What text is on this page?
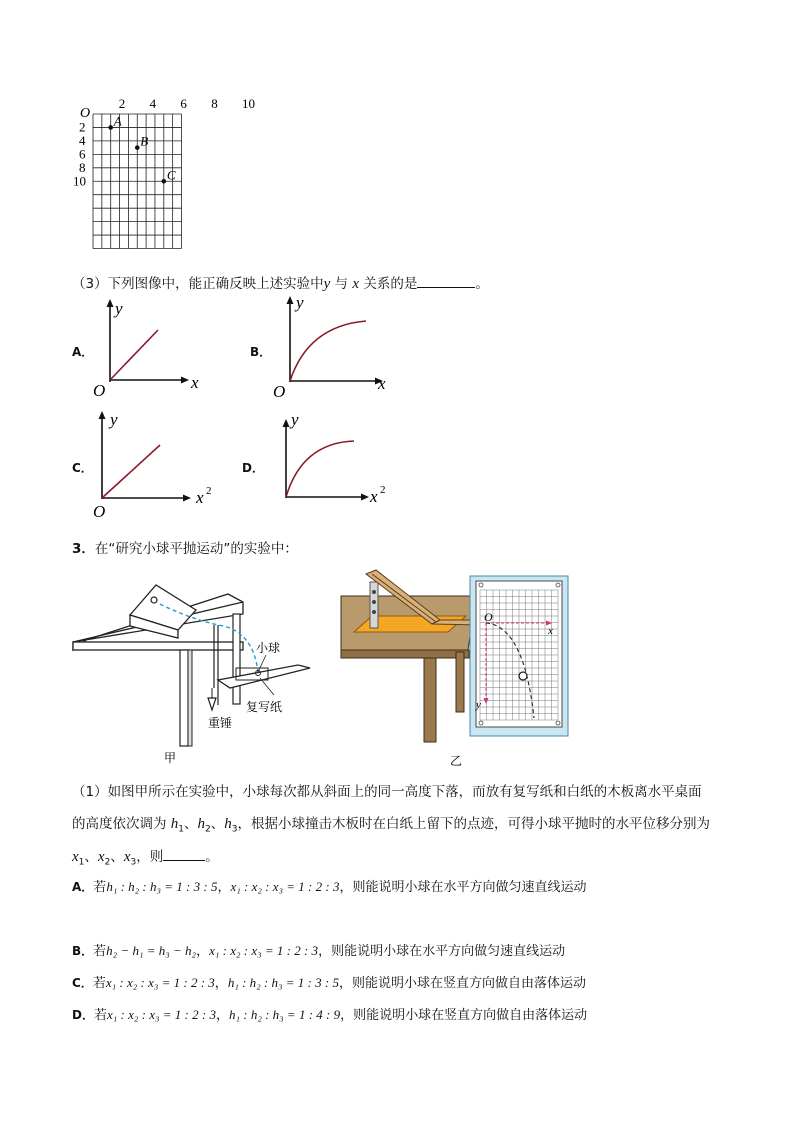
O
2 4 6 8 10
2
4
6
8
10
A
B
C
（3）下列图像中，能正确反映上述实验中y 与 x 关系的是	。
A．
y
x
O
B．
y
x
O
C．
y
x 2
O
D．
y
x 2
3．在“研究小球平抛运动”的实验中：
小球
复写纸
重锤
甲
O
x
y
乙
（1）如图甲所示在实验中，小球每次都从斜面上的同一高度下落，而放有复写纸和白纸的木板离水平桌面
的高度依次调为 $h_1$、$h_2$、$h_3$，根据小球撞击木板时在白纸上留下的点迹，可得小球平抛时的水平位移分别为
$x_1$、$x_2$、$x_3$，则	。
A．若h₁ : h₂ : h₃ = 1 : 3 : 5，x₁ : x₂ : x₃ = 1 : 2 : 3，则能说明小球在水平方向做匀速直线运动
B．若h₂ − h₁ = h₃ − h₂，x₁ : x₂ : x₃ = 1 : 2 : 3，则能说明小球在水平方向做匀速直线运动
C．若x₁ : x₂ : x₃ = 1 : 2 : 3，h₁ : h₂ : h₃ = 1 : 3 : 5，则能说明小球在竖直方向做自由落体运动
D．若x₁ : x₂ : x₃ = 1 : 2 : 3，h₁ : h₂ : h₃ = 1 : 4 : 9，则能说明小球在竖直方向做自由落体运动
